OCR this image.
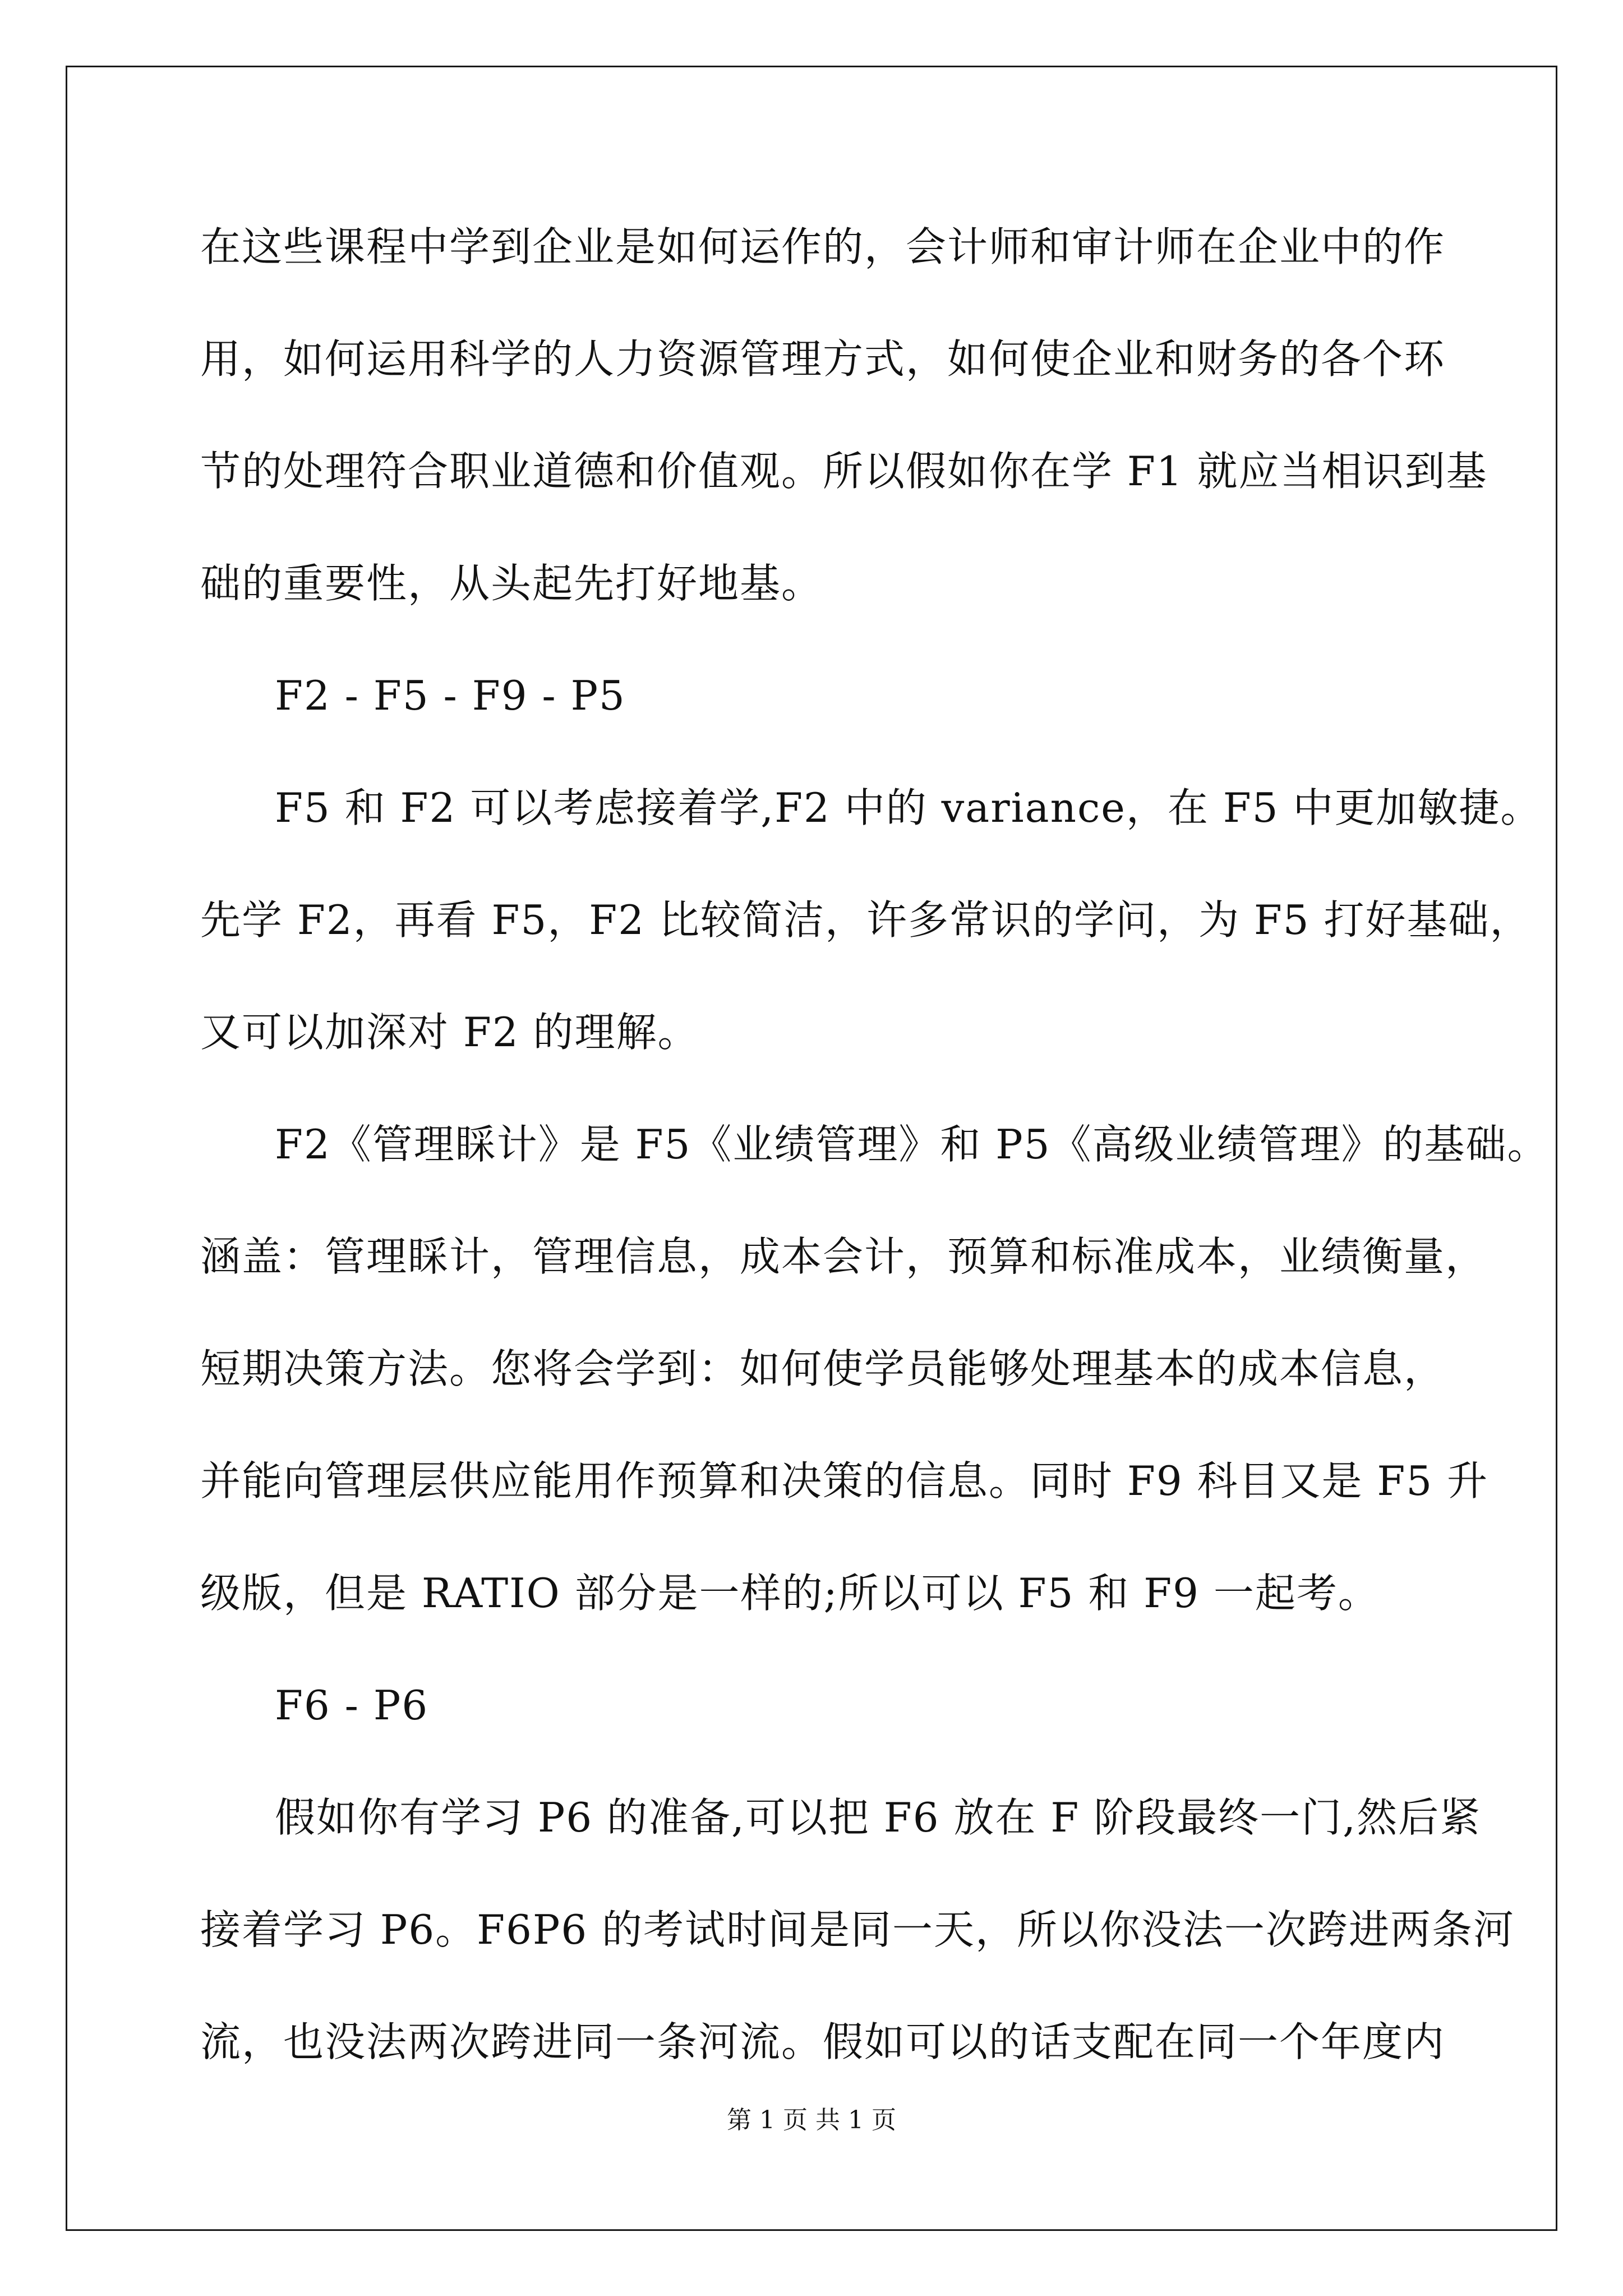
在这些课程中学到企业是如何运作的，会计师和审计师在企业中的作
用，如何运用科学的人力资源管理方式，如何使企业和财务的各个环
节的处理符合职业道德和价值观。所以假如你在学 F1 就应当相识到基
础的重要性，从头起先打好地基。
F2 - F5 - F9 - P5
F5 和 F2 可以考虑接着学,F2 中的 variance，在 F5 中更加敏捷。
先学 F2，再看 F5，F2 比较简洁，许多常识的学问，为 F5 打好基础，
又可以加深对 F2 的理解。
F2《管理睬计》是 F5《业绩管理》和 P5《高级业绩管理》的基础。
涵盖：管理睬计，管理信息，成本会计，预算和标准成本，业绩衡量，
短期决策方法。您将会学到：如何使学员能够处理基本的成本信息，
并能向管理层供应能用作预算和决策的信息。同时 F9 科目又是 F5 升
级版，但是 RATIO 部分是一样的;所以可以 F5 和 F9 一起考。
F6 - P6
假如你有学习 P6 的准备,可以把 F6 放在 F 阶段最终一门,然后紧
接着学习 P6。F6P6 的考试时间是同一天，所以你没法一次跨进两条河
流，也没法两次跨进同一条河流。假如可以的话支配在同一个年度内
第 1 页 共 1 页
